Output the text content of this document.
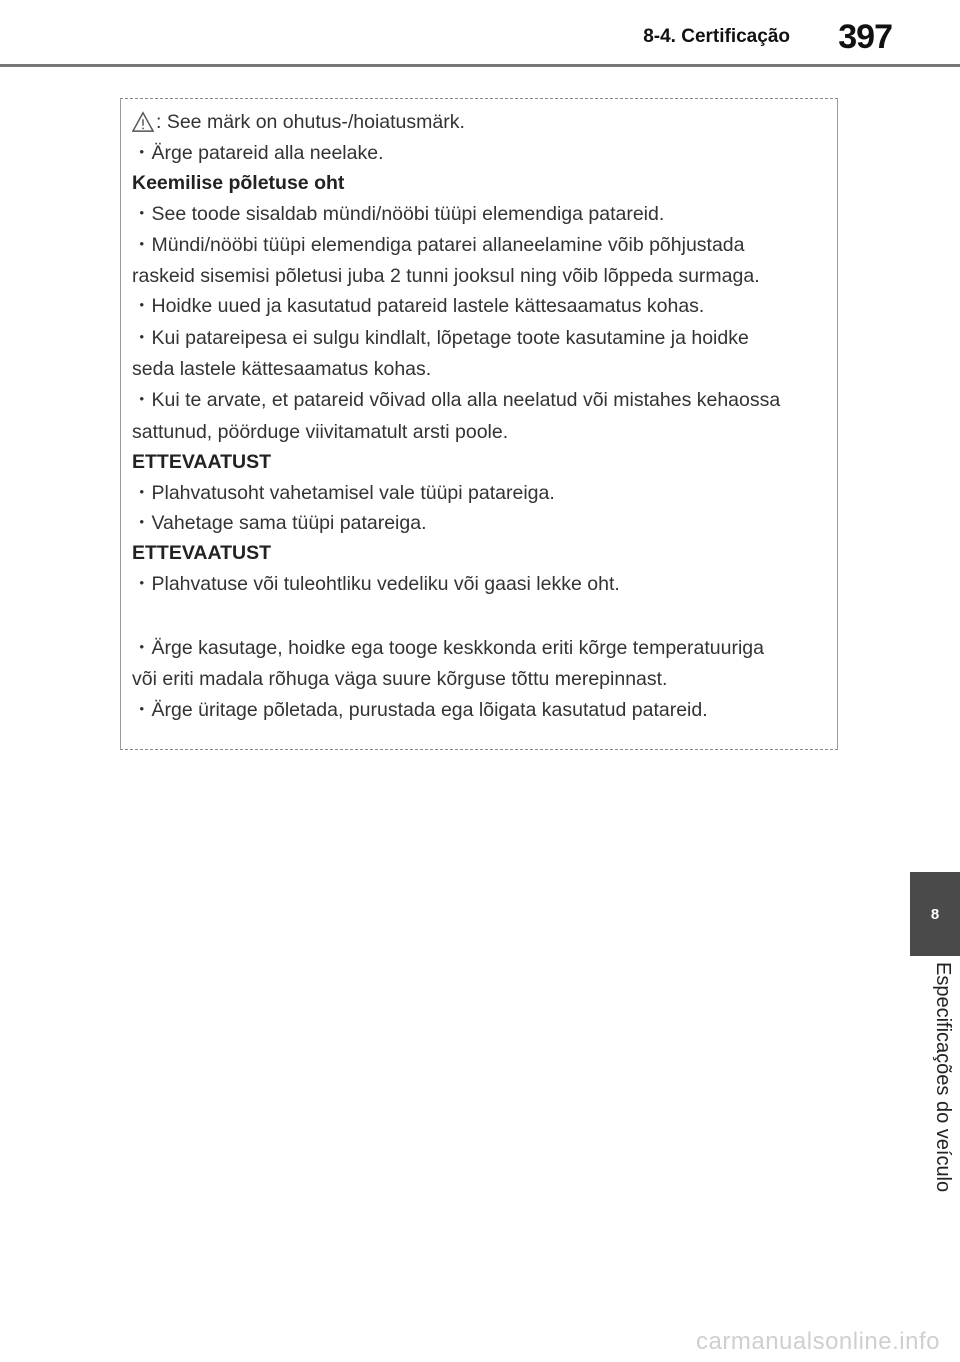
8-4. Certificação 397
: See märk on ohutus-/hoiatusmärk.
・Ärge patareid alla neelake.
Keemilise põletuse oht
・See toode sisaldab mündi/nööbi tüüpi elemendiga patareid.
・Mündi/nööbi tüüpi elemendiga patarei allaneelamine võib põhjustada
raskeid sisemisi põletusi juba 2 tunni jooksul ning võib lõppeda surmaga.
・Hoidke uued ja kasutatud patareid lastele kättesaamatus kohas.
・Kui patareipesa ei sulgu kindlalt, lõpetage toote kasutamine ja hoidke
seda lastele kättesaamatus kohas.
・Kui te arvate, et patareid võivad olla alla neelatud või mistahes kehaossa
sattunud, pöörduge viivitamatult arsti poole.
ETTEVAATUST
・Plahvatusoht vahetamisel vale tüüpi patareiga.
・Vahetage sama tüüpi patareiga.
ETTEVAATUST
・Plahvatuse või tuleohtliku vedeliku või gaasi lekke oht.
・Ärge kasutage, hoidke ega tooge keskkonda eriti kõrge temperatuuriga
või eriti madala rõhuga väga suure kõrguse tõttu merepinnast.
・Ärge üritage põletada, purustada ega lõigata kasutatud patareid.
8
Especificações do veículo
carmanualsonline.info
